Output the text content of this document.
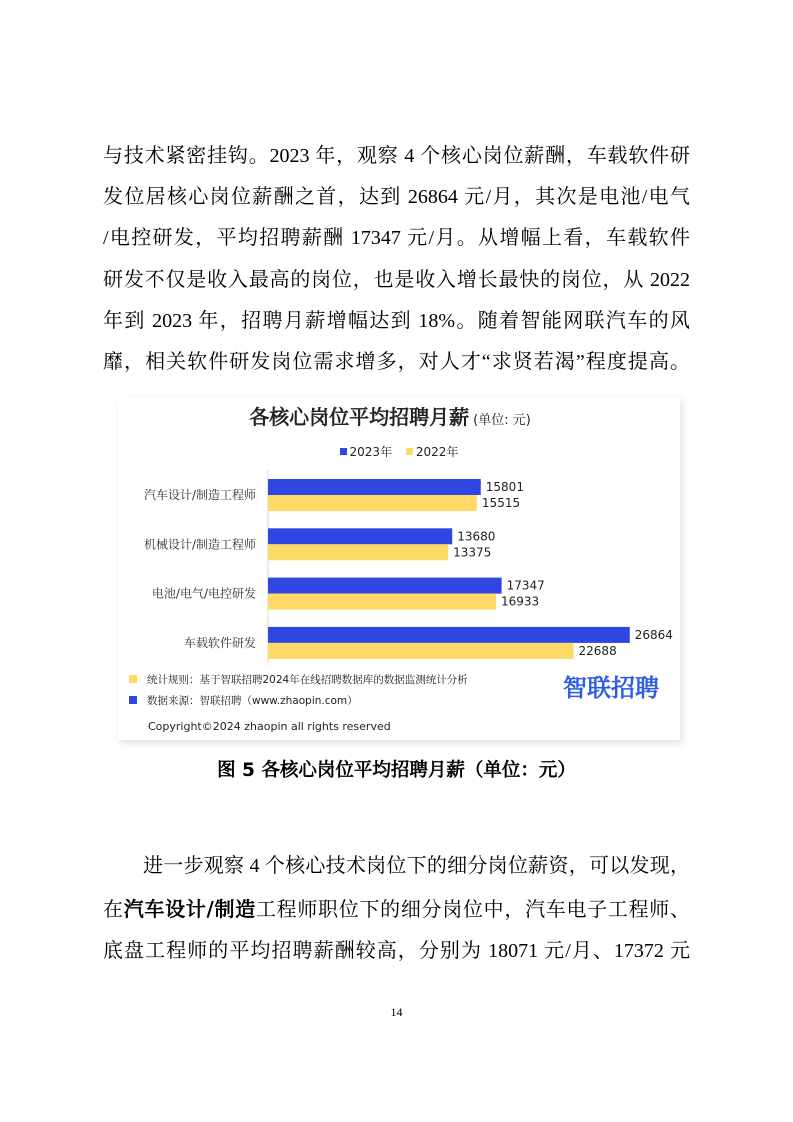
与技术紧密挂钩。2023 年，观察 4 个核心岗位薪酬，车载软件研
发位居核心岗位薪酬之首，达到 26864 元/月，其次是电池/电气
/电控研发，平均招聘薪酬 17347 元/月。从增幅上看，车载软件
研发不仅是收入最高的岗位，也是收入增长最快的岗位，从 2022
年到 2023 年，招聘月薪增幅达到 18%。随着智能网联汽车的风
靡，相关软件研发岗位需求增多，对人才“求贤若渴”程度提高。
汽车设计/制造工程师
15801
15515
机械设计/制造工程师
13680
13375
电池/电气/电控研发
17347
16933
车载软件研发
26864
22688
各核心岗位平均招聘月薪 (单位: 元)
2023年
2022年
统计规则：基于智联招聘2024年在线招聘数据库的数据监测统计分析
数据来源：智联招聘（www.zhaopin.com）	智联招聘
Copyright©2024 zhaopin all rights reserved
图 5 各核心岗位平均招聘月薪（单位：元）
进一步观察 4 个核心技术岗位下的细分岗位薪资，可以发现，
在汽车设计/制造工程师职位下的细分岗位中，汽车电子工程师、
底盘工程师的平均招聘薪酬较高，分别为 18071 元/月、17372 元
14
